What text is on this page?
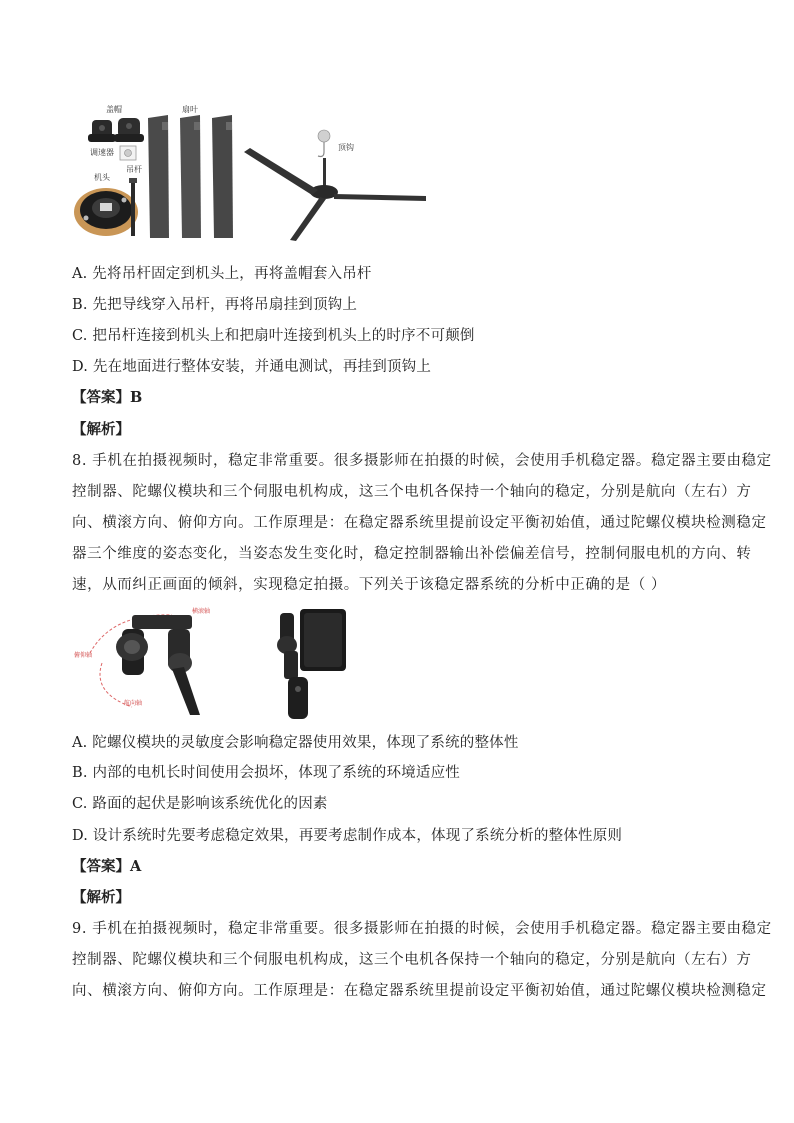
盖帽
调速器
机头
吊杆
扇叶
顶钩
A. 先将吊杆固定到机头上，再将盖帽套入吊杆
B. 先把导线穿入吊杆，再将吊扇挂到顶钩上
C. 把吊杆连接到机头上和把扇叶连接到机头上的时序不可颠倒
D. 先在地面进行整体安装，并通电测试，再挂到顶钩上
【答案】B
【解析】

8. 手机在拍摄视频时，稳定非常重要。很多摄影师在拍摄的时候，会使用手机稳定器。稳定器主要由稳定

控制器、陀螺仪模块和三个伺服电机构成，这三个电机各保持一个轴向的稳定，分别是航向（左右）方

向、横滚方向、俯仰方向。工作原理是：在稳定器系统里提前设定平衡初始值，通过陀螺仪模块检测稳定

器三个维度的姿态变化，当姿态发生变化时，稳定控制器输出补偿偏差信号，控制伺服电机的方向、转

速，从而纠正画面的倾斜，实现稳定拍摄。下列关于该稳定器系统的分析中正确的是（ ）

横滚轴
俯仰轴
航向轴
A. 陀螺仪模块的灵敏度会影响稳定器使用效果，体现了系统的整体性
B. 内部的电机长时间使用会损坏，体现了系统的环境适应性
C. 路面的起伏是影响该系统优化的因素
D. 设计系统时先要考虑稳定效果，再要考虑制作成本，体现了系统分析的整体性原则
【答案】A
【解析】

9. 手机在拍摄视频时，稳定非常重要。很多摄影师在拍摄的时候，会使用手机稳定器。稳定器主要由稳定

控制器、陀螺仪模块和三个伺服电机构成，这三个电机各保持一个轴向的稳定，分别是航向（左右）方

向、横滚方向、俯仰方向。工作原理是：在稳定器系统里提前设定平衡初始值，通过陀螺仪模块检测稳定
